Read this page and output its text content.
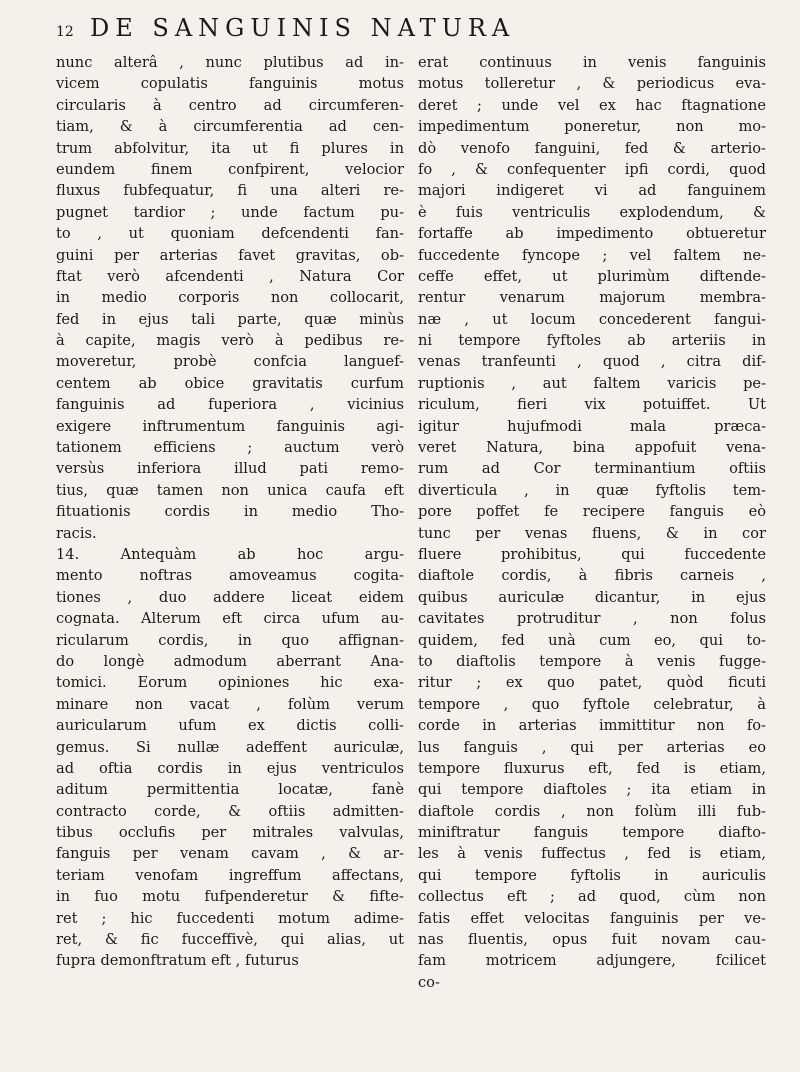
12 DE SANGUINIS NATURA
nunc alterâ , nunc plutibus ad in-
vicem copulatis fanguinis motus
circularis à centro ad circumferen-
tiam, & à circumferentia ad cen-
trum abfolvitur, ita ut fi plures in
eundem finem confpirent, velocior
fluxus fubfequatur, fi una alteri re-
pugnet tardior ; unde factum pu-
to , ut quoniam defcendenti fan-
guini per arterias favet gravitas, ob-
ftat verò afcendenti , Natura Cor
in medio corporis non collocarit,
fed in ejus tali parte, quæ minùs
à capite, magis verò à pedibus re-
moveretur, probè confcia languef-
centem ab obice gravitatis curfum
fanguinis ad fuperiora , vicinius
exigere inftrumentum fanguinis agi-
tationem efficiens ; auctum verò
versùs inferiora illud pati remo-
tius, quæ tamen non unica caufa eft
fituationis cordis in medio Tho-
racis.
14. Antequàm ab hoc argu-
mento noftras amoveamus cogita-
tiones , duo addere liceat eidem
cognata. Alterum eft circa ufum au-
ricularum cordis, in quo affignan-
do longè admodum aberrant Ana-
tomici. Eorum opiniones hic exa-
minare non vacat , folùm verum
auricularum ufum ex dictis colli-
gemus. Si nullæ adeffent auriculæ,
ad oftia cordis in ejus ventriculos
aditum permittentia locatæ, fanè
contracto corde, & oftiis admitten-
tibus occlufis per mitrales valvulas,
fanguis per venam cavam , & ar-
teriam venofam ingreffum affectans,
in fuo motu fufpenderetur & fifte-
ret ; hic fuccedenti motum adime-
ret, & fic fucceffivè, qui alias, ut
fupra demonftratum eft , futurus
erat continuus in venis fanguinis
motus tolleretur , & periodicus eva-
deret ; unde vel ex hac ftagnatione
impedimentum poneretur, non mo-
dò venofo fanguini, fed & arterio-
fo , & confequenter ipfi cordi, quod
majori indigeret vi ad fanguinem
è fuis ventriculis explodendum, &
fortaffe ab impedimento obtueretur
fuccedente fyncope ; vel faltem ne-
ceffe effet, ut plurimùm diftende-
rentur venarum majorum membra-
næ , ut locum concederent fangui-
ni tempore fyftoles ab arteriis in
venas tranfeunti , quod , citra dif-
ruptionis , aut faltem varicis pe-
riculum, fieri vix potuiffet. Ut
igitur hujufmodi mala præca-
veret Natura, bina appofuit vena-
rum ad Cor terminantium oftiis
diverticula , in quæ fyftolis tem-
pore poffet fe recipere fanguis eò
tunc per venas fluens, & in cor
fluere prohibitus, qui fuccedente
diaftole cordis, à fibris carneis ,
quibus auriculæ dicantur, in ejus
cavitates protruditur , non folus
quidem, fed unà cum eo, qui to-
to diaftolis tempore à venis fugge-
ritur ; ex quo patet, quòd ficuti
tempore , quo fyftole celebratur, à
corde in arterias immittitur non fo-
lus fanguis , qui per arterias eo
tempore fluxurus eft, fed is etiam,
qui tempore diaftoles ; ita etiam in
diaftole cordis , non folùm illi fub-
miniftratur fanguis tempore diafto-
les à venis fuffectus , fed is etiam,
qui tempore fyftolis in auriculis
collectus eft ; ad quod, cùm non
fatis effet velocitas fanguinis per ve-
nas fluentis, opus fuit novam cau-
fam motricem adjungere, fcilicet
co-
